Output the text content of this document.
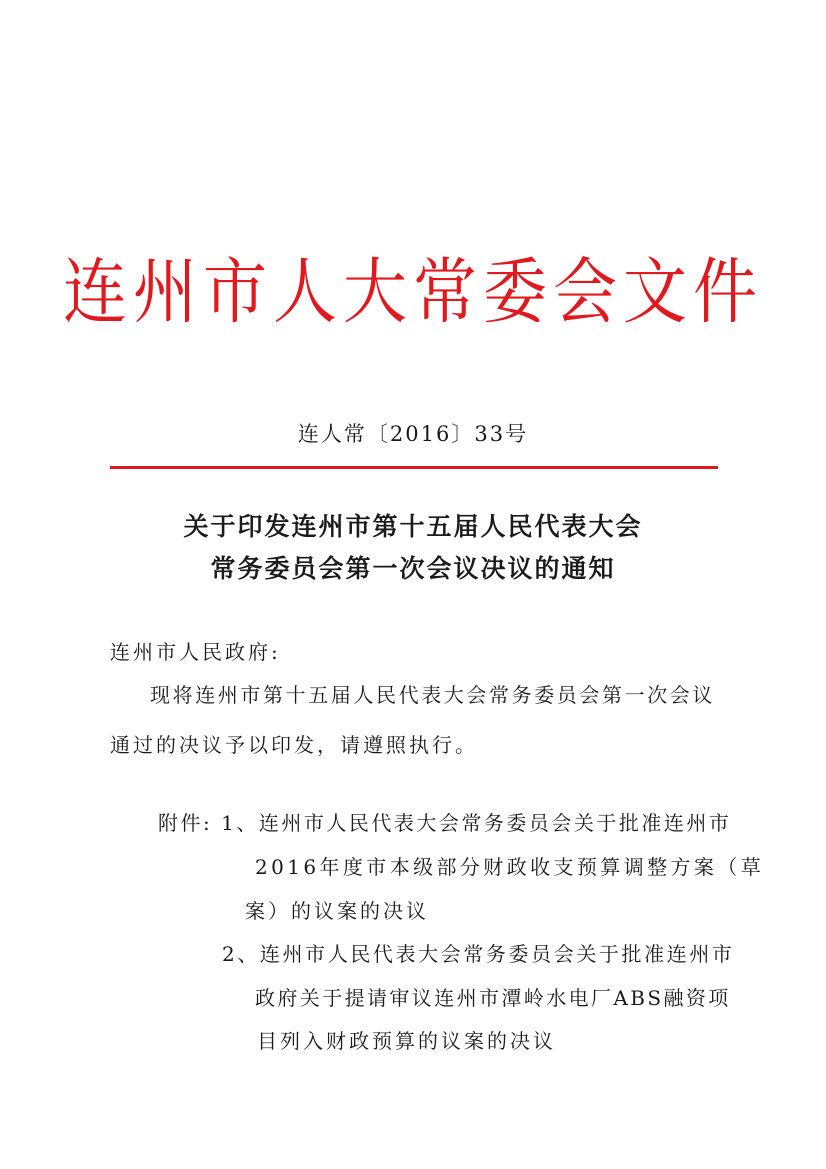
连州市人大常委会文件
连人常〔2016〕33号
关于印发连州市第十五届人民代表大会
常务委员会第一次会议决议的通知
连州市人民政府:
现将连州市第十五届人民代表大会常务委员会第一次会议
通过的决议予以印发，请遵照执行。
附件: 1、连州市人民代表大会常务委员会关于批准连州市
2016年度市本级部分财政收支预算调整方案（草
案）的议案的决议
2、连州市人民代表大会常务委员会关于批准连州市
政府关于提请审议连州市潭岭水电厂ABS融资项
目列入财政预算的议案的决议
